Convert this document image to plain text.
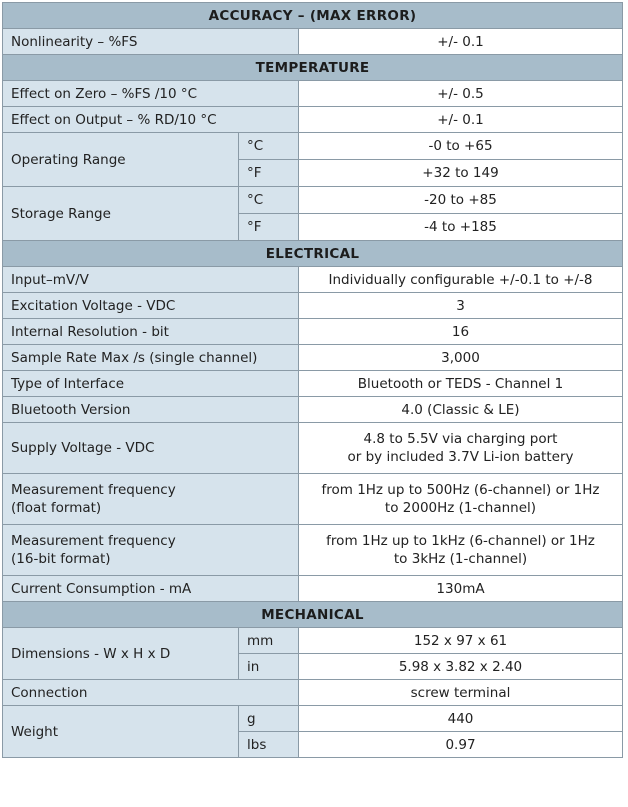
ACCURACY – (MAX ERROR)		
Nonlinearity – %FS		+/- 0.1
TEMPERATURE		
Effect on Zero – %FS /10 °C		+/- 0.5
Effect on Output – % RD/10 °C		+/- 0.1
Operating Range	°C	-0 to +65
	°F	+32 to 149
Storage Range	°C	-20 to +85
	°F	-4 to +185
ELECTRICAL		
Input–mV/V		Individually configurable +/-0.1 to +/-8
Excitation Voltage - VDC		3
Internal Resolution - bit		16
Sample Rate Max /s (single channel)		3,000
Type of Interface		Bluetooth or TEDS - Channel 1
Bluetooth Version		4.0 (Classic & LE)
Supply Voltage - VDC		4.8 to 5.5V via charging port
or by included 3.7V Li-ion battery
Measurement frequency
(float format)		from 1Hz up to 500Hz (6-channel) or 1Hz
to 2000Hz (1-channel)
Measurement frequency
(16-bit format)		from 1Hz up to 1kHz (6-channel) or 1Hz
to 3kHz (1-channel)
Current Consumption - mA		130mA
MECHANICAL		
Dimensions - W x H x D	mm	152 x 97 x 61
	in	5.98 x 3.82 x 2.40
Connection		screw terminal
Weight	g	440
	lbs	0.97
